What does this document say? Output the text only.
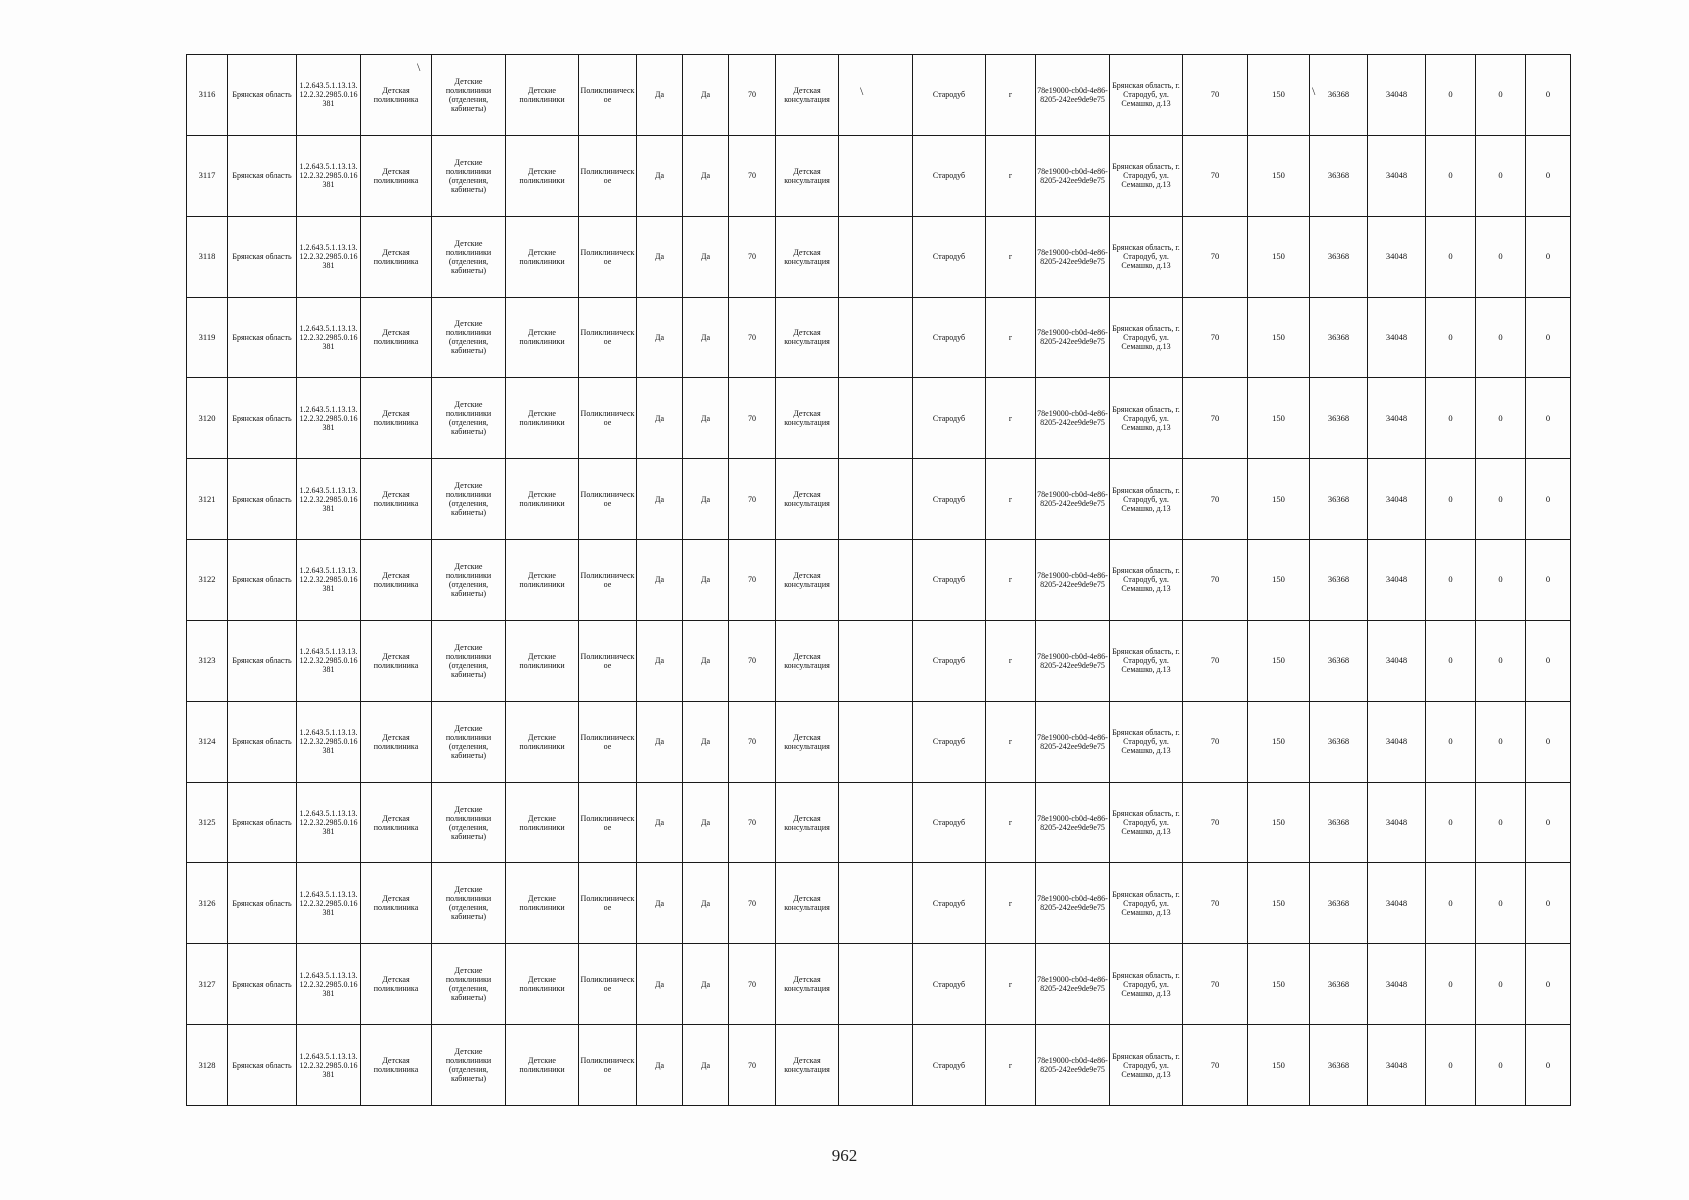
3116	Брянская область	1.2.643.5.1.13.13.12.2.32.2985.0.16381	Детская поликлиника	Детские поликлиники (отделения, кабинеты)	Детские поликлиники	Поликлиническое	Да	Да	70	Детская консультация		Стародуб	г	78e19000-cb0d-4e86-8205-242ee9de9e75	Брянская область, г. Стародуб, ул. Семашко, д.13	70	150	36368	34048	0	0	0
3117	Брянская область	1.2.643.5.1.13.13.12.2.32.2985.0.16381	Детская поликлиника	Детские поликлиники (отделения, кабинеты)	Детские поликлиники	Поликлиническое	Да	Да	70	Детская консультация		Стародуб	г	78e19000-cb0d-4e86-8205-242ee9de9e75	Брянская область, г. Стародуб, ул. Семашко, д.13	70	150	36368	34048	0	0	0
3118	Брянская область	1.2.643.5.1.13.13.12.2.32.2985.0.16381	Детская поликлиника	Детские поликлиники (отделения, кабинеты)	Детские поликлиники	Поликлиническое	Да	Да	70	Детская консультация		Стародуб	г	78e19000-cb0d-4e86-8205-242ee9de9e75	Брянская область, г. Стародуб, ул. Семашко, д.13	70	150	36368	34048	0	0	0
3119	Брянская область	1.2.643.5.1.13.13.12.2.32.2985.0.16381	Детская поликлиника	Детские поликлиники (отделения, кабинеты)	Детские поликлиники	Поликлиническое	Да	Да	70	Детская консультация		Стародуб	г	78e19000-cb0d-4e86-8205-242ee9de9e75	Брянская область, г. Стародуб, ул. Семашко, д.13	70	150	36368	34048	0	0	0
3120	Брянская область	1.2.643.5.1.13.13.12.2.32.2985.0.16381	Детская поликлиника	Детские поликлиники (отделения, кабинеты)	Детские поликлиники	Поликлиническое	Да	Да	70	Детская консультация		Стародуб	г	78e19000-cb0d-4e86-8205-242ee9de9e75	Брянская область, г. Стародуб, ул. Семашко, д.13	70	150	36368	34048	0	0	0
3121	Брянская область	1.2.643.5.1.13.13.12.2.32.2985.0.16381	Детская поликлиника	Детские поликлиники (отделения, кабинеты)	Детские поликлиники	Поликлиническое	Да	Да	70	Детская консультация		Стародуб	г	78e19000-cb0d-4e86-8205-242ee9de9e75	Брянская область, г. Стародуб, ул. Семашко, д.13	70	150	36368	34048	0	0	0
3122	Брянская область	1.2.643.5.1.13.13.12.2.32.2985.0.16381	Детская поликлиника	Детские поликлиники (отделения, кабинеты)	Детские поликлиники	Поликлиническое	Да	Да	70	Детская консультация		Стародуб	г	78e19000-cb0d-4e86-8205-242ee9de9e75	Брянская область, г. Стародуб, ул. Семашко, д.13	70	150	36368	34048	0	0	0
3123	Брянская область	1.2.643.5.1.13.13.12.2.32.2985.0.16381	Детская поликлиника	Детские поликлиники (отделения, кабинеты)	Детские поликлиники	Поликлиническое	Да	Да	70	Детская консультация		Стародуб	г	78e19000-cb0d-4e86-8205-242ee9de9e75	Брянская область, г. Стародуб, ул. Семашко, д.13	70	150	36368	34048	0	0	0
3124	Брянская область	1.2.643.5.1.13.13.12.2.32.2985.0.16381	Детская поликлиника	Детские поликлиники (отделения, кабинеты)	Детские поликлиники	Поликлиническое	Да	Да	70	Детская консультация		Стародуб	г	78e19000-cb0d-4e86-8205-242ee9de9e75	Брянская область, г. Стародуб, ул. Семашко, д.13	70	150	36368	34048	0	0	0
3125	Брянская область	1.2.643.5.1.13.13.12.2.32.2985.0.16381	Детская поликлиника	Детские поликлиники (отделения, кабинеты)	Детские поликлиники	Поликлиническое	Да	Да	70	Детская консультация		Стародуб	г	78e19000-cb0d-4e86-8205-242ee9de9e75	Брянская область, г. Стародуб, ул. Семашко, д.13	70	150	36368	34048	0	0	0
3126	Брянская область	1.2.643.5.1.13.13.12.2.32.2985.0.16381	Детская поликлиника	Детские поликлиники (отделения, кабинеты)	Детские поликлиники	Поликлиническое	Да	Да	70	Детская консультация		Стародуб	г	78e19000-cb0d-4e86-8205-242ee9de9e75	Брянская область, г. Стародуб, ул. Семашко, д.13	70	150	36368	34048	0	0	0
3127	Брянская область	1.2.643.5.1.13.13.12.2.32.2985.0.16381	Детская поликлиника	Детские поликлиники (отделения, кабинеты)	Детские поликлиники	Поликлиническое	Да	Да	70	Детская консультация		Стародуб	г	78e19000-cb0d-4e86-8205-242ee9de9e75	Брянская область, г. Стародуб, ул. Семашко, д.13	70	150	36368	34048	0	0	0
3128	Брянская область	1.2.643.5.1.13.13.12.2.32.2985.0.16381	Детская поликлиника	Детские поликлиники (отделения, кабинеты)	Детские поликлиники	Поликлиническое	Да	Да	70	Детская консультация		Стародуб	г	78e19000-cb0d-4e86-8205-242ee9de9e75	Брянская область, г. Стародуб, ул. Семашко, д.13	70	150	36368	34048	0	0	0
\
\	\
962
